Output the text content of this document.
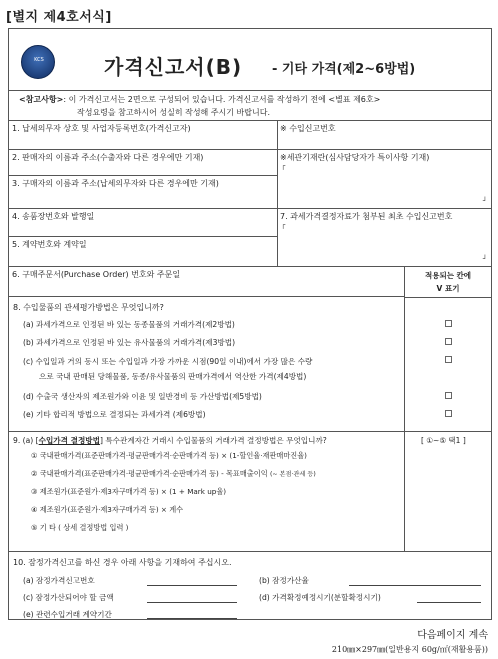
[별지 제4호서식]
KCS	가격신고서(B) - 기타 가격(제2~6방법)
<참고사항>: 이 가격신고서는 2면으로 구성되어 있습니다. 가격신고서를 작성하기 전에 <별표 제6호>
작성요령을 참고하시어 성실히 작성해 주시기 바랍니다.
1. 납세의무자 상호 및 사업자등록번호(가격신고자)	※ 수입신고번호
2. 판매자의 이름과 주소(수출자와 다른 경우에만 기재)	※세관기재란(심사담당자가 특이사항 기재)
┌
┘
3. 구매자의 이름과 주소(납세의무자와 다른 경우에만 기재)
4. 송품장번호와 발행일	7. 과세가격결정자료가 첨부된 최초 수입신고번호
┌
┘
5. 계약번호와 계약일
6. 구매주문서(Purchase Order) 번호와 주문일	적용되는 칸에
V 표기
8. 수입물품의 관세평가방법은 무엇입니까?
(a) 과세가격으로 인정된 바 있는 동종물품의 거래가격(제2방법)
(b) 과세가격으로 인정된 바 있는 유사물품의 거래가격(제3방법)
(c) 수입일과 거의 동시 또는 수입일과 가장 가까운 시점(90일 이내)에서 가장 많은 수량
으로 국내 판매된 당해물품, 동종/유사물품의 판매가격에서 역산한 가격(제4방법)
(d) 수출국 생산자의 제조원가와 이윤 및 일반경비 등 가산방법(제5방법)
(e) 기타 합리적 방법으로 결정되는 과세가격 (제6방법)
9. (a) [수입가격 결정방법] 특수관계자간 거래시 수입물품의 거래가격 결정방법은 무엇입니까?	[ ①~⑤ 택1 ]
① 국내판매가격(표준판매가격·평균판매가격·순판매가격 등) × (1-할인율·재판매마진율)
② 국내판매가격(표준판매가격·평균판매가격·순판매가격 등) - 목표매출이익 (~ 본점·관세 등)
③ 제조원가(표준원가·제3자구매가격 등) × (1 + Mark up율)
④ 제조원가(표준원가·제3자구매가격 등) × 계수
⑤ 기 타 ( 상세 결정방법 입력 )
10. 잠정가격신고를 하신 경우 아래 사항을 기재하여 주십시오.
(a) 잠정가격신고번호	(b) 잠정가산율
(c) 잠정가산되어야 할 금액	(d) 가격확정예정시기(분할확정시기)
(e) 관련수입거래 계약기간
다음페이지 계속
210㎜×297㎜(일반용지 60g/㎡(재활용품))
